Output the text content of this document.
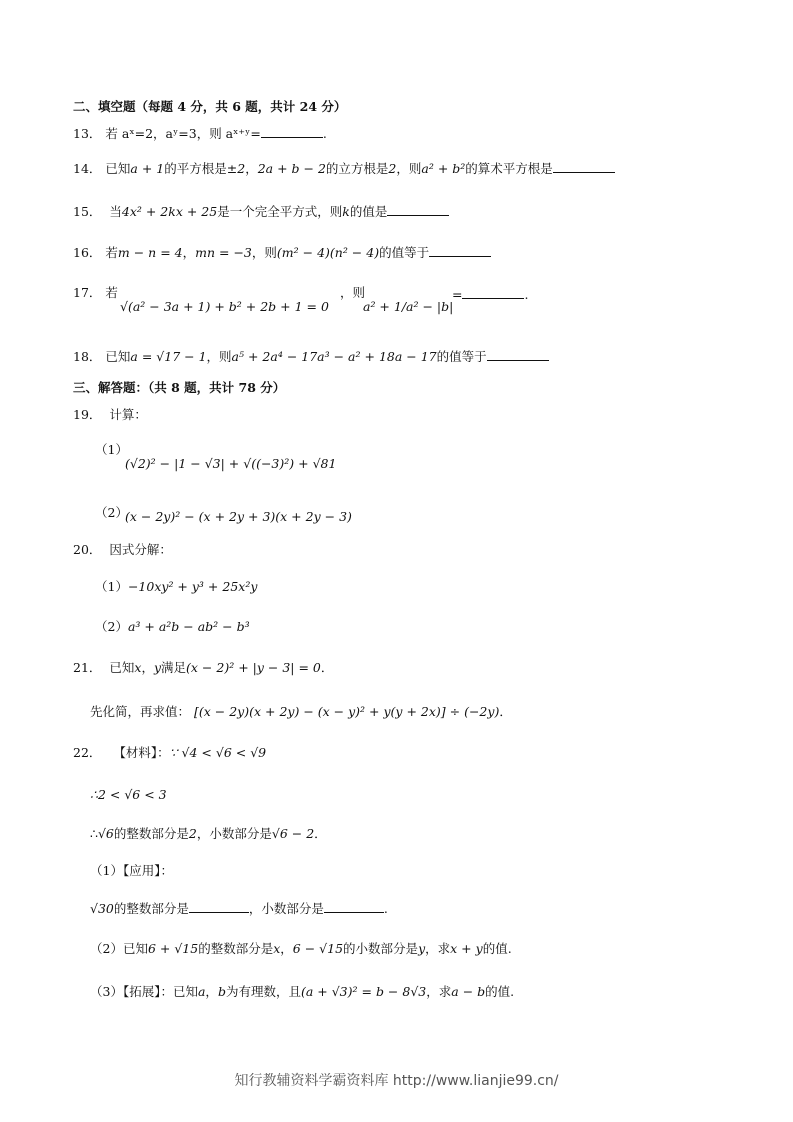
二、填空题（每题 4 分，共 6 题，共计 24 分）
13． 若 aˣ=2，aʸ=3，则 aˣ⁺ʸ=	.
14． 已知a + 1的平方根是±2，2a + b − 2的立方根是2，则a² + b²的算术平方根是
15． 当4x² + 2kx + 25是一个完全平方式，则k的值是
16． 若m − n = 4，mn = −3，则(m² − 4)(n² − 4)的值等于
17． 若
√(a² − 3a + 1) + b² + 2b + 1 = 0
，则
a² + 1/a² − |b|
=	.
18． 已知a = √17 − 1，则a⁵ + 2a⁴ − 17a³ − a² + 18a − 17的值等于
三、解答题：（共 8 题，共计 78 分）
19． 计算：
（1）
(√2)² − |1 − √3| + √((−3)²) + √81
（2）
(x − 2y)² − (x + 2y + 3)(x + 2y − 3)
20． 因式分解：
（1）−10xy² + y³ + 25x²y
（2）a³ + a²b − ab² − b³
21． 已知x，y满足(x − 2)² + |y − 3| = 0．
先化简，再求值： [(x − 2y)(x + 2y) − (x − y)² + y(y + 2x)] ÷ (−2y)．
22． 【材料】：∵ √4 < √6 < √9
∴2 < √6 < 3
∴√6的整数部分是2，小数部分是√6 − 2．
（1）【应用】：
√30的整数部分是	，小数部分是	.
（2）已知6 + √15的整数部分是x，6 − √15的小数部分是y，求x + y的值.
（3）【拓展】：已知a，b为有理数，且(a + √3)² = b − 8√3，求a − b的值.
知行教辅资料学霸资料库 http://www.lianjie99.cn/
